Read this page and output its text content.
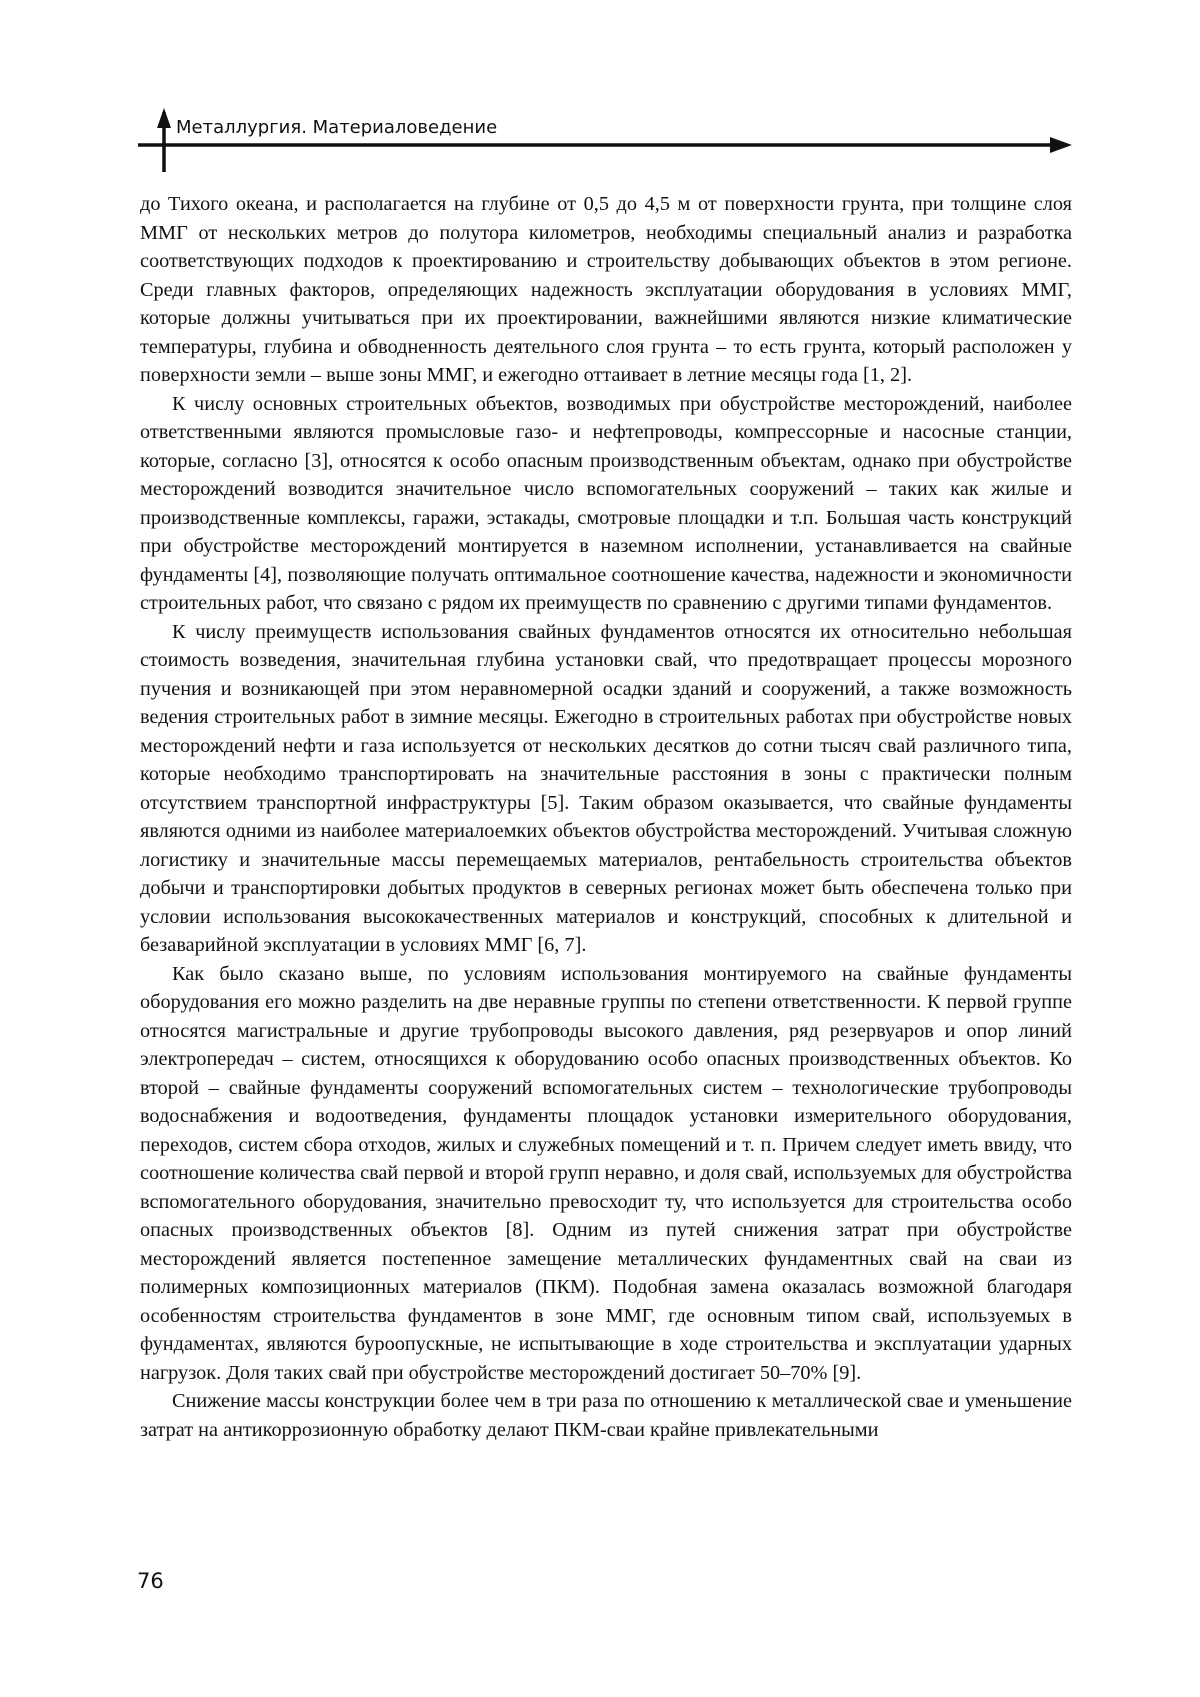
Металлургия. Материаловедение

до Тихого океана, и располагается на глубине от 0,5 до 4,5 м от поверхности грунта, при толщине слоя ММГ от нескольких метров до полутора километров, необходимы специальный анализ и разработка соответствующих подходов к проектированию и строительству добывающих объектов в этом регионе. Среди главных факторов, определяющих надежность эксплуатации оборудования в условиях ММГ, которые должны учитываться при их проектировании, важнейшими являются низкие климатические температуры, глубина и обводненность деятельного слоя грунта – то есть грунта, который расположен у поверхности земли – выше зоны ММГ, и ежегодно оттаивает в летние месяцы года [1, 2].

К числу основных строительных объектов, возводимых при обустройстве месторождений, наиболее ответственными являются промысловые газо- и нефтепроводы, компрессорные и насосные станции, которые, согласно [3], относятся к особо опасным производственным объектам, однако при обустройстве месторождений возводится значительное число вспомогательных сооружений – таких как жилые и производственные комплексы, гаражи, эстакады, смотровые площадки и т.п. Большая часть конструкций при обустройстве месторождений монтируется в наземном исполнении, устанавливается на свайные фундаменты [4], позволяющие получать оптимальное соотношение качества, надежности и экономичности строительных работ, что связано с рядом их преимуществ по сравнению с другими типами фундаментов.

К числу преимуществ использования свайных фундаментов относятся их относительно небольшая стоимость возведения, значительная глубина установки свай, что предотвращает процессы морозного пучения и возникающей при этом неравномерной осадки зданий и сооружений, а также возможность ведения строительных работ в зимние месяцы. Ежегодно в строительных работах при обустройстве новых месторождений нефти и газа используется от нескольких десятков до сотни тысяч свай различного типа, которые необходимо транспортировать на значительные расстояния в зоны с практически полным отсутствием транспортной инфраструктуры [5]. Таким образом оказывается, что свайные фундаменты являются одними из наиболее материалоемких объектов обустройства месторождений. Учитывая сложную логистику и значительные массы перемещаемых материалов, рентабельность строительства объектов добычи и транспортировки добытых продуктов в северных регионах может быть обеспечена только при условии использования высококачественных материалов и конструкций, способных к длительной и безаварийной эксплуатации в условиях ММГ [6, 7].

Как было сказано выше, по условиям использования монтируемого на свайные фундаменты оборудования его можно разделить на две неравные группы по степени ответственности. К первой группе относятся магистральные и другие трубопроводы высокого давления, ряд резервуаров и опор линий электропередач – систем, относящихся к оборудованию особо опасных производственных объектов. Ко второй – свайные фундаменты сооружений вспомогательных систем – технологические трубопроводы водоснабжения и водоотведения, фундаменты площадок установки измерительного оборудования, переходов, систем сбора отходов, жилых и служебных помещений и т. п. Причем следует иметь ввиду, что соотношение количества свай первой и второй групп неравно, и доля свай, используемых для обустройства вспомогательного оборудования, значительно превосходит ту, что используется для строительства особо опасных производственных объектов [8]. Одним из путей снижения затрат при обустройстве месторождений является постепенное замещение металлических фундаментных свай на сваи из полимерных композиционных материалов (ПКМ). Подобная замена оказалась возможной благодаря особенностям строительства фундаментов в зоне ММГ, где основным типом свай, используемых в фундаментах, являются буроопускные, не испытывающие в ходе строительства и эксплуатации ударных нагрузок. Доля таких свай при обустройстве месторождений достигает 50–70% [9].

Снижение массы конструкции более чем в три раза по отношению к металлической свае и уменьшение затрат на антикоррозионную обработку делают ПКМ-сваи крайне привлекательными

76
